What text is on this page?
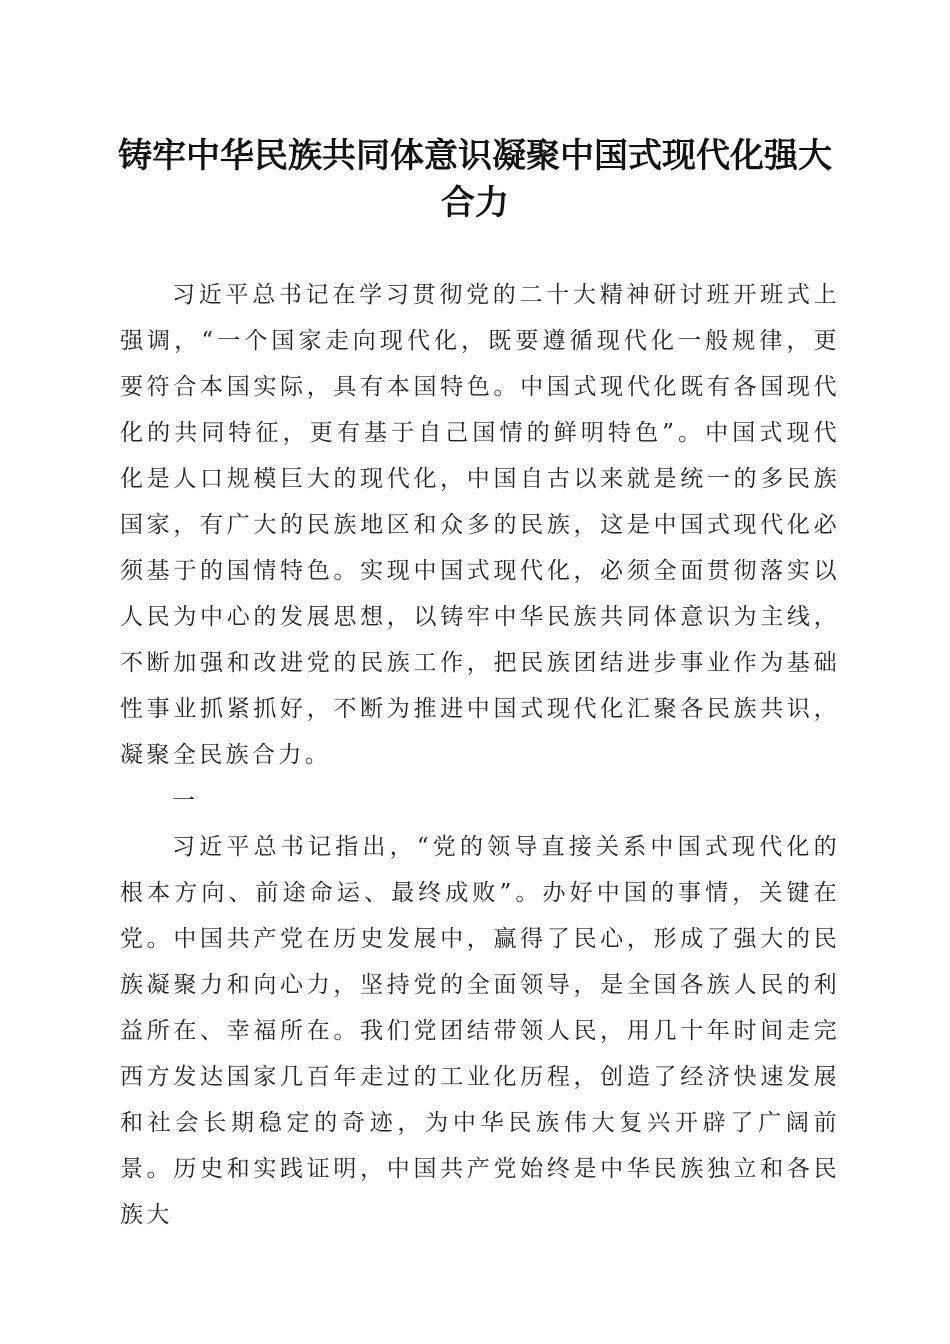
铸牢中华民族共同体意识凝聚中国式现代化强大合力

习近平总书记在学习贯彻党的二十大精神研讨班开班式上强调，“一个国家走向现代化，既要遵循现代化一般规律，更要符合本国实际，具有本国特色。中国式现代化既有各国现代化的共同特征，更有基于自己国情的鲜明特色”。中国式现代化是人口规模巨大的现代化，中国自古以来就是统一的多民族国家，有广大的民族地区和众多的民族，这是中国式现代化必须基于的国情特色。实现中国式现代化，必须全面贯彻落实以人民为中心的发展思想，以铸牢中华民族共同体意识为主线，不断加强和改进党的民族工作，把民族团结进步事业作为基础性事业抓紧抓好，不断为推进中国式现代化汇聚各民族共识，凝聚全民族合力。

一

习近平总书记指出，“党的领导直接关系中国式现代化的根本方向、前途命运、最终成败”。办好中国的事情，关键在党。中国共产党在历史发展中，赢得了民心，形成了强大的民族凝聚力和向心力，坚持党的全面领导，是全国各族人民的利益所在、幸福所在。我们党团结带领人民，用几十年时间走完西方发达国家几百年走过的工业化历程，创造了经济快速发展和社会长期稳定的奇迹，为中华民族伟大复兴开辟了广阔前景。历史和实践证明，中国共产党始终是中华民族独立和各民族大
